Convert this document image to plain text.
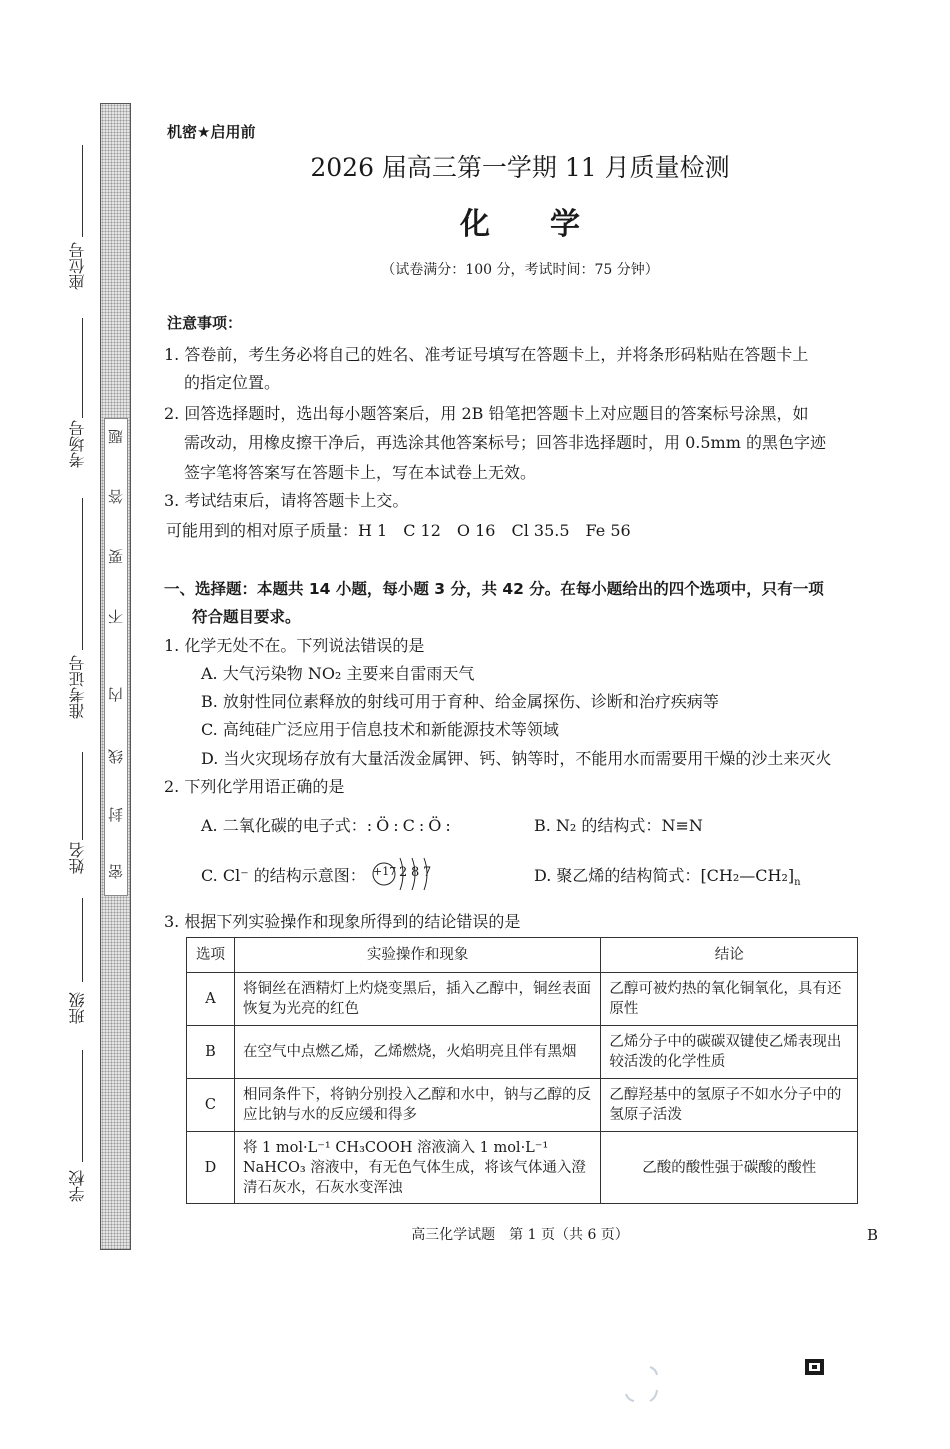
题
答
要
不
内
线
封
密
座位号
考场号
准考证号
姓名
班级
学校
机密★启用前
2026 届高三第一学期 11 月质量检测
化　　学
（试卷满分：100 分，考试时间：75 分钟）
注意事项：
1. 答卷前，考生务必将自己的姓名、准考证号填写在答题卡上，并将条形码粘贴在答题卡上
的指定位置。
2. 回答选择题时，选出每小题答案后，用 2B 铅笔把答题卡上对应题目的答案标号涂黑，如
需改动，用橡皮擦干净后，再选涂其他答案标号；回答非选择题时，用 0.5mm 的黑色字迹
签字笔将答案写在答题卡上，写在本试卷上无效。
3. 考试结束后，请将答题卡上交。
可能用到的相对原子质量：H 1　C 12　O 16　Cl 35.5　Fe 56
一、选择题：本题共 14 小题，每小题 3 分，共 42 分。在每小题给出的四个选项中，只有一项
符合题目要求。
1. 化学无处不在。下列说法错误的是
A. 大气污染物 NO₂ 主要来自雷雨天气
B. 放射性同位素释放的射线可用于育种、给金属探伤、诊断和治疗疾病等
C. 高纯硅广泛应用于信息技术和新能源技术等领域
D. 当火灾现场存放有大量活泼金属钾、钙、钠等时，不能用水而需要用干燥的沙土来灭火
2. 下列化学用语正确的是
A. 二氧化碳的电子式：:Ö:C:Ö:	B. N₂ 的结构式：N≡N
C. Cl⁻ 的结构示意图： +17 2 8 7	D. 聚乙烯的结构简式：$[CH_2—CH_2]_n$
3. 根据下列实验操作和现象所得到的结论错误的是
选项	实验操作和现象	结论
A	将铜丝在酒精灯上灼烧变黑后，插入乙醇中，铜丝表面恢复为光亮的红色	乙醇可被灼热的氧化铜氧化，具有还原性
B	在空气中点燃乙烯，乙烯燃烧，火焰明亮且伴有黑烟	乙烯分子中的碳碳双键使乙烯表现出较活泼的化学性质
C	相同条件下，将钠分别投入乙醇和水中，钠与乙醇的反应比钠与水的反应缓和得多	乙醇羟基中的氢原子不如水分子中的氢原子活泼
D	将 1 mol·L⁻¹ CH₃COOH 溶液滴入 1 mol·L⁻¹ NaHCO₃ 溶液中，有无色气体生成，将该气体通入澄清石灰水，石灰水变浑浊	乙酸的酸性强于碳酸的酸性
高三化学试题　第 1 页（共 6 页）	B
